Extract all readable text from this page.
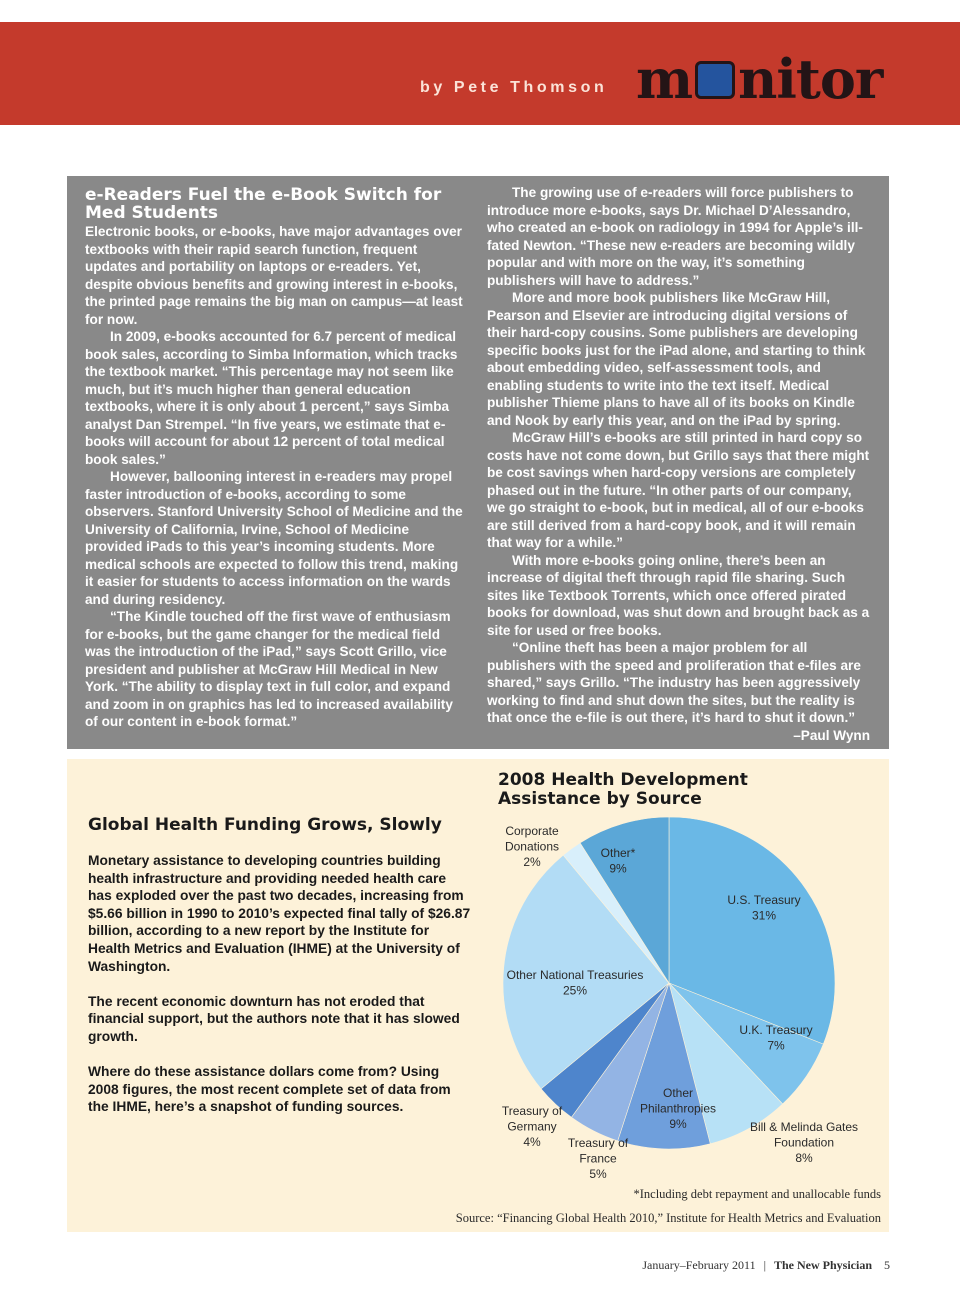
by Pete Thomson m nitor
e-Readers Fuel the e-Book Switch for Med Students

Electronic books, or e-books, have major advantages over textbooks with their rapid search function, frequent updates and portability on laptops or e-readers. Yet, despite obvious benefits and growing interest in e-books, the printed page remains the big man on campus—at least for now.

In 2009, e-books accounted for 6.7 percent of medical book sales, according to Simba Information, which tracks the textbook market. “This percentage may not seem like much, but it’s much higher than general education textbooks, where it is only about 1 percent,” says Simba analyst Dan Strempel. “In five years, we estimate that e-books will account for about 12 percent of total medical book sales.”

However, ballooning interest in e-readers may propel faster introduction of e-books, according to some observers. Stanford University School of Medicine and the University of California, Irvine, School of Medicine provided iPads to this year’s incoming students. More medical schools are expected to follow this trend, making it easier for students to access information on the wards and during residency.

“The Kindle touched off the first wave of enthusiasm for e-books, but the game changer for the medical field was the introduction of the iPad,” says Scott Grillo, vice president and publisher at McGraw Hill Medical in New York. “The ability to display text in full color, and expand and zoom in on graphics has led to increased availability of our content in e-book format.”

The growing use of e-readers will force publishers to introduce more e-books, says Dr. Michael D’Alessandro, who created an e-book on radiology in 1994 for Apple’s ill-fated Newton. “These new e-readers are becoming wildly popular and with more on the way, it’s something publishers will have to address.”

More and more book publishers like McGraw Hill, Pearson and Elsevier are introducing digital versions of their hard-copy cousins. Some publishers are developing specific books just for the iPad alone, and starting to think about embedding video, self-assessment tools, and enabling students to write into the text itself. Medical publisher Thieme plans to have all of its books on Kindle and Nook by early this year, and on the iPad by spring.

McGraw Hill’s e-books are still printed in hard copy so costs have not come down, but Grillo says that there might be cost savings when hard-copy versions are completely phased out in the future. “In other parts of our company, we go straight to e-book, but in medical, all of our e-books are still derived from a hard-copy book, and it will remain that way for a while.”

With more e-books going online, there’s been an increase of digital theft through rapid file sharing. Such sites like Textbook Torrents, which once offered pirated books for download, was shut down and brought back as a site for used or free books.

“Online theft has been a major problem for all publishers with the speed and proliferation that e-files are shared,” says Grillo. “The industry has been aggressively working to find and shut down the sites, but the reality is that once the e-file is out there, it’s hard to shut it down.”

–Paul Wynn

Global Health Funding Grows, Slowly

Monetary assistance to developing countries building health infrastructure and providing needed health care has exploded over the past two decades, increasing from $5.66 billion in 1990 to 2010’s expected final tally of $26.87 billion, according to a new report by the Institute for Health Metrics and Evaluation (IHME) at the University of Washington.

The recent economic downturn has not eroded that financial support, but the authors note that it has slowed growth.

Where do these assistance dollars come from? Using 2008 figures, the most recent complete set of data from the IHME, here’s a snapshot of funding sources.

2008 Health Development Assistance by Source
U.S. Treasury 31%
U.K. Treasury 7%
Bill & Melinda Gates Foundation 8%
Other Philanthropies 9%
Treasury of France 5%
Treasury of Germany 4%
Other National Treasuries 25%
Corporate Donations 2%
Other* 9%
*Including debt repayment and unallocable funds
Source: “Financing Global Health 2010,” Institute for Health Metrics and Evaluation
January–February 2011 | The New Physician 5
